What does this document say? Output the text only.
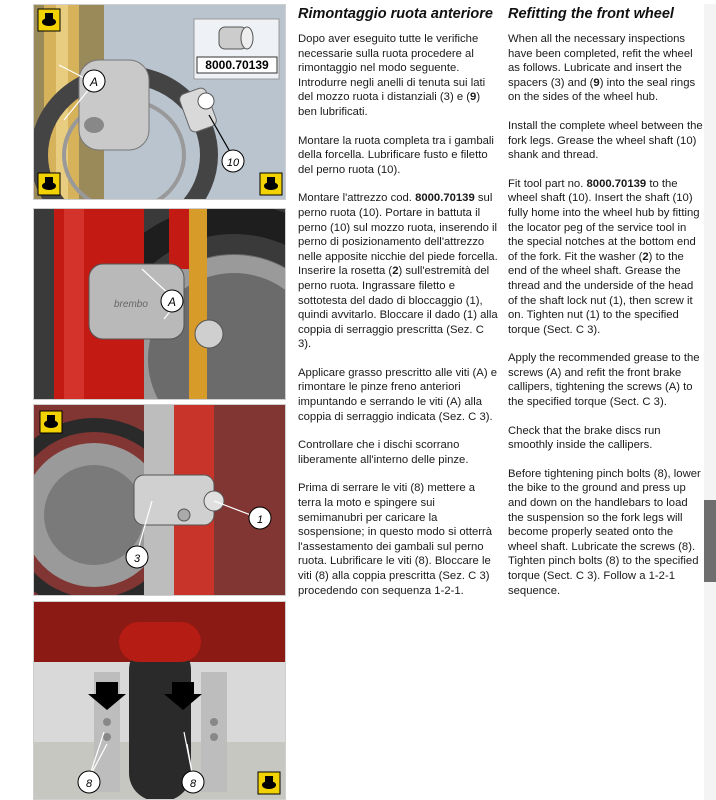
8000.70139
A
10
brembo A
1
3
8	8
Rimontaggio ruota anteriore

Dopo aver eseguito tutte le verifiche necessarie sulla ruota procedere al rimontaggio nel modo seguente. Introdurre negli anelli di tenuta sui lati del mozzo ruota i distanziali (3) e (9) ben lubrificati.

Montare la ruota completa tra i gambali della forcella. Lubrificare fusto e filetto del perno ruota (10).

Montare l'attrezzo cod. 8000.70139 sul perno ruota (10). Portare in battuta il perno (10) sul mozzo ruota, inserendo il perno di posizionamento dell'attrezzo nelle apposite nicchie del piede forcella. Inserire la rosetta (2) sull'estremità del perno ruota. Ingrassare filetto e sottotesta del dado di bloccaggio (1), quindi avvitarlo. Bloccare il dado (1) alla coppia di serraggio prescritta (Sez. C 3).

Applicare grasso prescritto alle viti (A) e rimontare le pinze freno anteriori impuntando e serrando le viti (A) alla coppia di serraggio indicata (Sez. C 3).

Controllare che i dischi scorrano liberamente all'interno delle pinze.

Prima di serrare le viti (8) mettere a terra la moto e spingere sui semimanubri per caricare la sospensione; in questo modo si otterrà l'assestamento dei gambali sul perno ruota. Lubrificare le viti (8). Bloccare le viti (8) alla coppia prescritta (Sez. C 3) procedendo con sequenza 1-2-1.

Refitting the front wheel

When all the necessary inspections have been completed, refit the wheel as follows. Lubricate and insert the spacers (3) and (9) into the seal rings on the sides of the wheel hub.

Install the complete wheel between the fork legs. Grease the wheel shaft (10) shank and thread.

Fit tool part no. 8000.70139 to the wheel shaft (10). Insert the shaft (10) fully home into the wheel hub by fitting the locator peg of the service tool in the special notches at the bottom end of the fork. Fit the washer (2) to the end of the wheel shaft. Grease the thread and the underside of the head of the shaft lock nut (1), then screw it on. Tighten nut (1) to the specified torque (Sect. C 3).

Apply the recommended grease to the screws (A) and refit the front brake callipers, tightening the screws (A) to the specified torque (Sect. C 3).

Check that the brake discs run smoothly inside the callipers.

Before tightening pinch bolts (8), lower the bike to the ground and press up and down on the handlebars to load the suspension so the fork legs will become properly seated onto the wheel shaft. Lubricate the screws (8). Tighten pinch bolts (8) to the specified torque (Sect. C 3). Follow a 1-2-1 sequence.
